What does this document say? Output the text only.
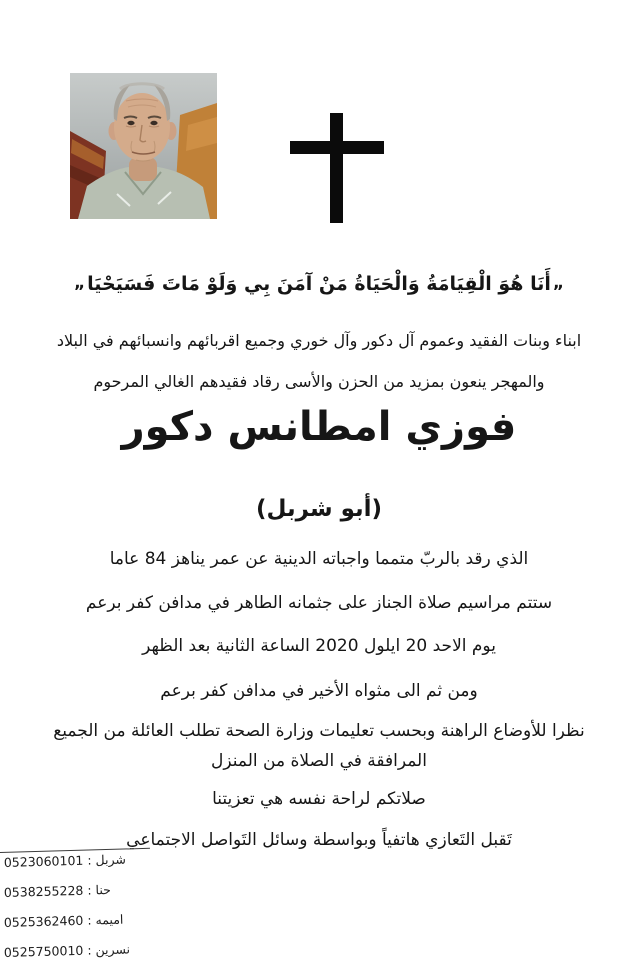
„أَنَا هُوَ الْقِيَامَةُ وَالْحَيَاةُ مَنْ آمَنَ بِي وَلَوْ مَاتَ فَسَيَحْيَا„
ابناء وبنات الفقيد وعموم آل دكور وآل خوري وجميع اقربائهم وانسبائهم في البلاد
والمهجر ينعون بمزيد من الحزن والأسى رقاد فقيدهم الغالي المرحوم
فوزي امطانس دكور
(أبو شربل)
الذي رقد بالربّ متمما واجباته الدينية عن عمر يناهز 84 عاما
ستتم مراسيم صلاة الجناز على جثمانه الطاهر في مدافن كفر برعم
يوم الاحد 20 ايلول 2020 الساعة الثانية بعد الظهر
ومن ثم الى مثواه الأخير في مدافن كفر برعم
نظرا للأوضاع الراهنة وبحسب تعليمات وزارة الصحة تطلب العائلة من الجميع
المرافقة في الصلاة من المنزل
صلاتكم لراحة نفسه هي تعزيتنا
تَقبل التَعازي هاتفياً وبواسطة وسائل التَواصل الاجتماعي
شربل : 0523060101
حنا : 0538255228
اميمه : 0525362460
نسرين : 0525750010
